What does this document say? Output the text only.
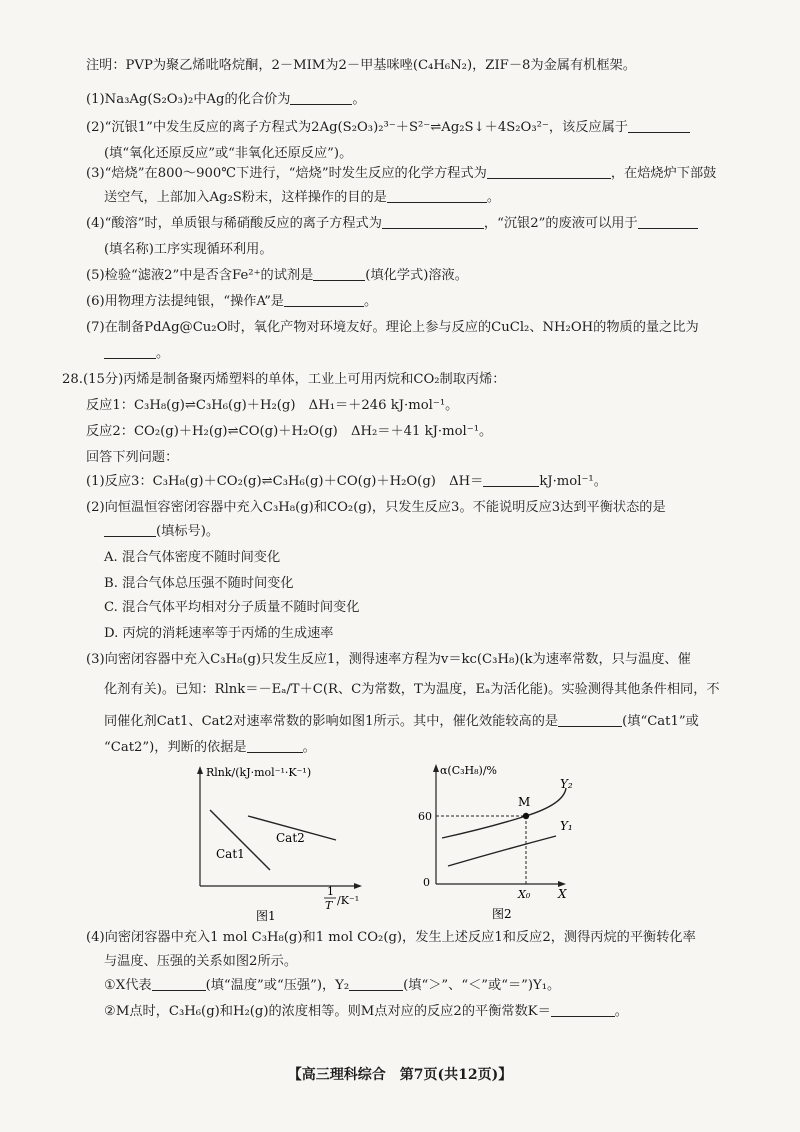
注明：PVP为聚乙烯吡咯烷酮，2－MIM为2－甲基咪唑(C₄H₆N₂)，ZIF－8为金属有机框架。
(1)Na₃Ag(S₂O₃)₂中Ag的化合价为	。
(2)“沉银1”中发生反应的离子方程式为2Ag(S₂O₃)₂³⁻＋S²⁻⇌Ag₂S↓＋4S₂O₃²⁻，该反应属于
(填“氧化还原反应”或“非氧化还原反应”)。
(3)“焙烧”在800～900℃下进行，“焙烧”时发生反应的化学方程式为	，在焙烧炉下部鼓
送空气，上部加入Ag₂S粉末，这样操作的目的是	。
(4)“酸溶”时，单质银与稀硝酸反应的离子方程式为	，“沉银2”的废液可以用于
(填名称)工序实现循环利用。
(5)检验“滤液2”中是否含Fe²⁺的试剂是	(填化学式)溶液。
(6)用物理方法提纯银，“操作A”是	。
(7)在制备PdAg@Cu₂O时，氧化产物对环境友好。理论上参与反应的CuCl₂、NH₂OH的物质的量之比为
。
28.(15分)丙烯是制备聚丙烯塑料的单体，工业上可用丙烷和CO₂制取丙烯：
反应1：C₃H₈(g)⇌C₃H₆(g)＋H₂(g)　ΔH₁＝＋246 kJ·mol⁻¹。
反应2：CO₂(g)＋H₂(g)⇌CO(g)＋H₂O(g)　ΔH₂＝＋41 kJ·mol⁻¹。
回答下列问题：
(1)反应3：C₃H₈(g)＋CO₂(g)⇌C₃H₆(g)＋CO(g)＋H₂O(g)　ΔH＝	kJ·mol⁻¹。
(2)向恒温恒容密闭容器中充入C₃H₈(g)和CO₂(g)，只发生反应3。不能说明反应3达到平衡状态的是
(填标号)。
A. 混合气体密度不随时间变化
B. 混合气体总压强不随时间变化
C. 混合气体平均相对分子质量不随时间变化
D. 丙烷的消耗速率等于丙烯的生成速率
(3)向密闭容器中充入C₃H₈(g)只发生反应1，测得速率方程为v＝kc(C₃H₈)(k为速率常数，只与温度、催
化剂有关)。已知：Rlnk＝－Eₐ/T＋C(R、C为常数，T为温度，Eₐ为活化能)。实验测得其他条件相同，不
同催化剂Cat1、Cat2对速率常数的影响如图1所示。其中，催化效能较高的是	(填“Cat1”或
“Cat2”)，判断的依据是	。
Rlnk/(kJ·mol⁻¹·K⁻¹)
Cat1
Cat2
1
T /K⁻¹
图1
α(C₃H₈)/%
60
0
M
Y₂
Y₁
X₀ X
图2
(4)向密闭容器中充入1 mol C₃H₈(g)和1 mol CO₂(g)，发生上述反应1和反应2，测得丙烷的平衡转化率
与温度、压强的关系如图2所示。
①X代表	(填“温度”或“压强”)，Y₂	(填“＞”、“＜”或“＝”)Y₁。
②M点时，C₃H₆(g)和H₂(g)的浓度相等。则M点对应的反应2的平衡常数K＝	。
【高三理科综合　第7页(共12页)】
